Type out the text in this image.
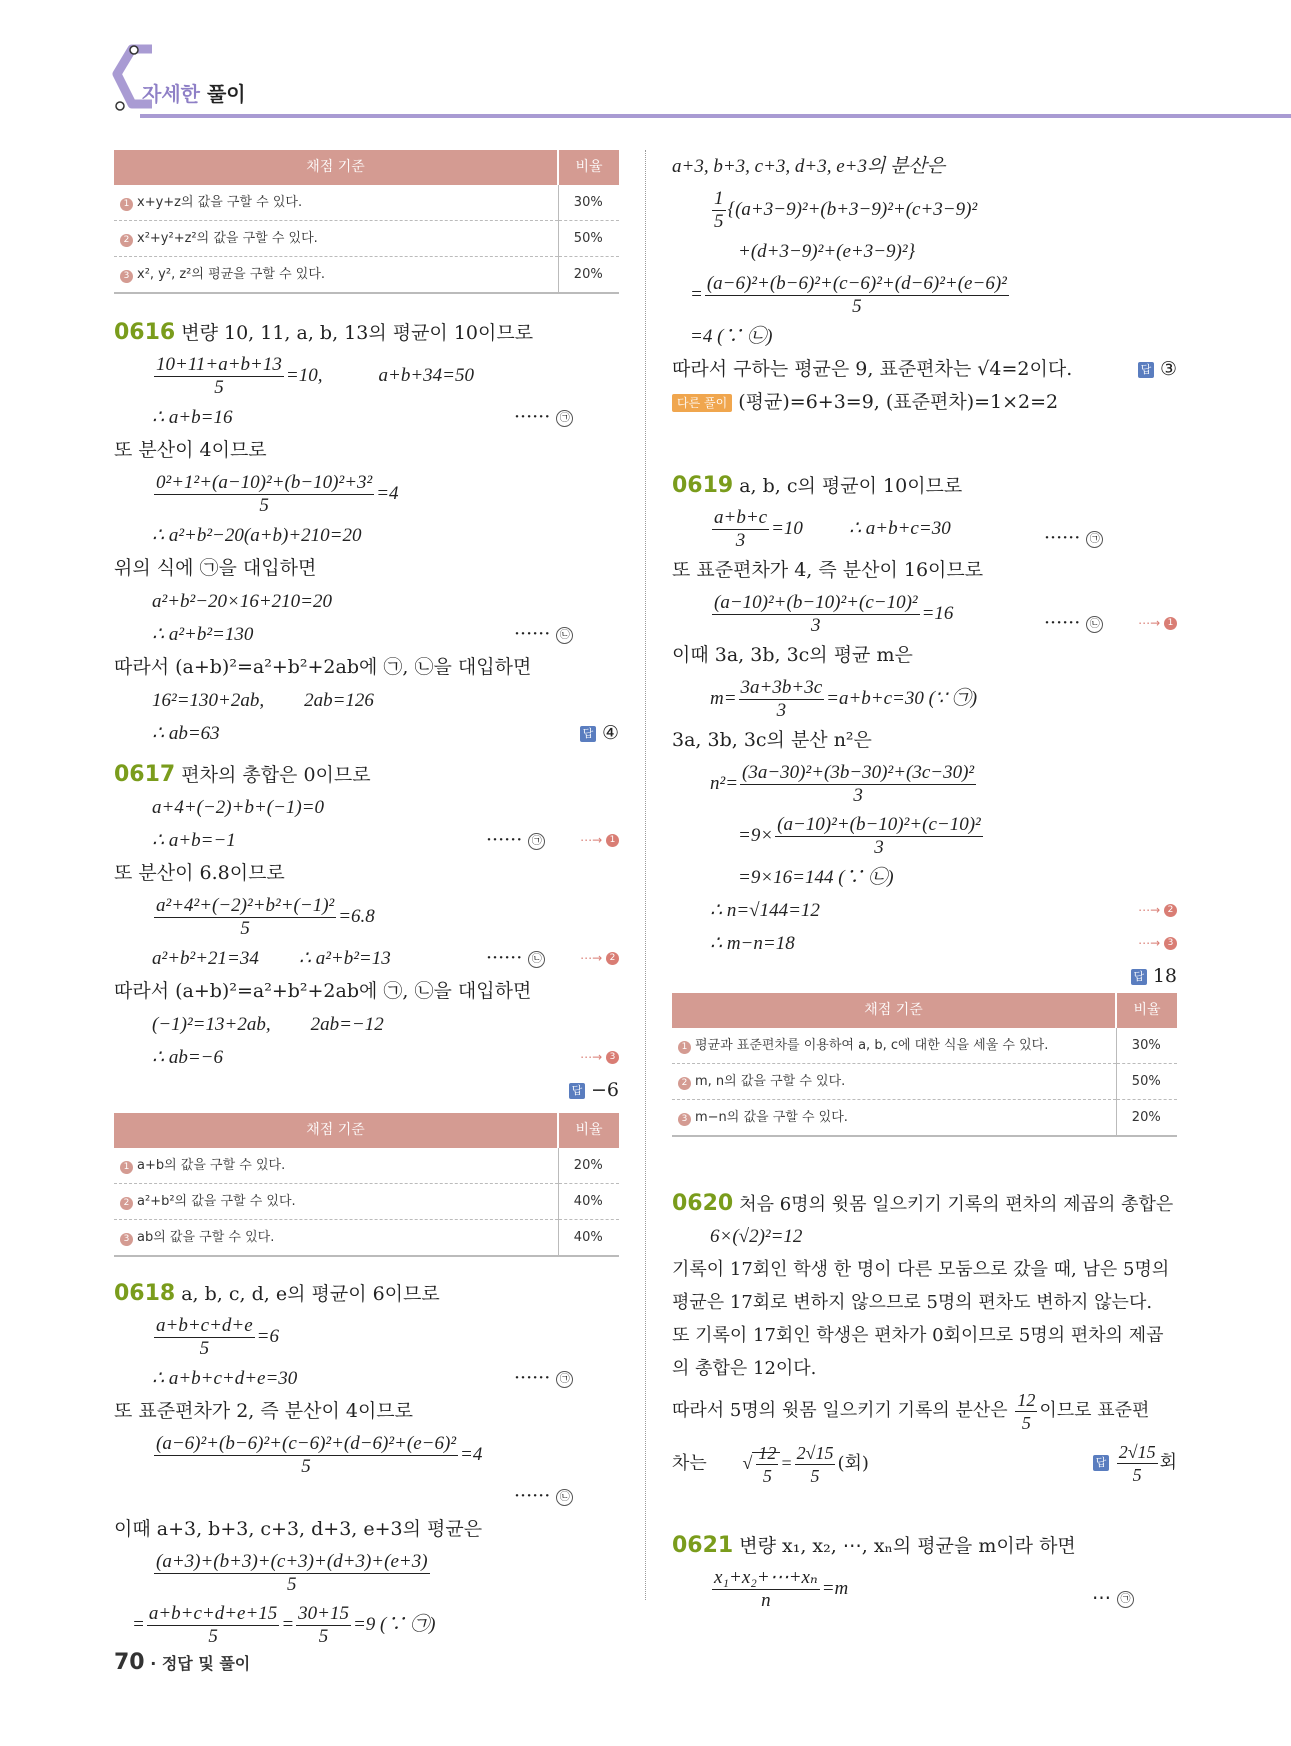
자세한 풀이
채점 기준	비율
1 x+y+z의 값을 구할 수 있다.	30%
2 x²+y²+z²의 값을 구할 수 있다.	50%
3 x², y², z²의 평균을 구할 수 있다.	20%
0616 변량 10, 11, a, b, 13의 평균이 10이므로
$\frac{10+11+a+b+13}{5} =10$,	a+b+34=50
∴ a+b=16	······ ㉠
또 분산이 4이므로
$\frac{\text{0²+1²+(a−10)²+(b−10)²+3²}}{5} =4$
∴ a²+b²−20(a+b)+210=20
위의 식에 ㉠을 대입하면
a²+b²−20×16+210=20
∴ a²+b²=130	······ ㉡
따라서 (a+b)²=a²+b²+2ab에 ㉠, ㉡을 대입하면
16²=130+2ab, 2ab=126
∴ ab=63	답 ④
0617 편차의 총합은 0이므로
a+4+(−2)+b+(−1)=0
∴ a+b=−1	······ ㉠	⋯→ 1
또 분산이 6.8이므로
$\frac{\text{a²+4²+(−2)²+b²+(−1)²}}{5} =6.8$
a²+b²+21=34 ∴ a²+b²=13	······ ㉡	⋯→ 2
따라서 (a+b)²=a²+b²+2ab에 ㉠, ㉡을 대입하면
(−1)²=13+2ab, 2ab=−12
∴ ab=−6	⋯→ 3
답 −6
채점 기준	비율
1 a+b의 값을 구할 수 있다.	20%
2 a²+b²의 값을 구할 수 있다.	40%
3 ab의 값을 구할 수 있다.	40%
0618 a, b, c, d, e의 평균이 6이므로
$\frac{a+b+c+d+e}{5} =6$
∴ a+b+c+d+e=30	······ ㉠
또 표준편차가 2, 즉 분산이 4이므로
$\frac{\text{(a−6)²+(b−6)²+(c−6)²+(d−6)²+(e−6)²}}{5} =4$
······ ㉡
이때 a+3, b+3, c+3, d+3, e+3의 평균은
$\frac{(a+3)+(b+3)+(c+3)+(d+3)+(e+3)}{5}$
= $\frac{a+b+c+d+e+15}{5} = \frac{30+15}{5} =9$ (∵ ㉠)
a+3, b+3, c+3, d+3, e+3의 분산은
$\frac{1}{5} \{(a+3-9)^2+(b+3-9)^2+(c+3-9)^2$
+(d+3−9)²+(e+3−9)²}
= $\frac{\text{(a−6)²+(b−6)²+(c−6)²+(d−6)²+(e−6)²}}{5}$
=4 (∵ ㉡)
따라서 구하는 평균은 9, 표준편차는 √4=2이다.	답 ③
다른 풀이 (평균)=6+3=9, (표준편차)=1×2=2
0619 a, b, c의 평균이 10이므로
$\frac{a+b+c}{3} =10$ ∴ a+b+c=30	······ ㉠
또 표준편차가 4, 즉 분산이 16이므로
$\frac{\text{(a−10)²+(b−10)²+(c−10)²}}{3} =16$	······ ㉡	⋯→ 1
이때 3a, 3b, 3c의 평균 m은
$m= \frac{3a+3b+3c}{3} =a+b+c=30$ (∵ ㉠)
3a, 3b, 3c의 분산 n²은
$n^2= \frac{\text{(3a−30)²+(3b−30)²+(3c−30)²}}{3}$
$=9\times \frac{\text{(a−10)²+(b−10)²+(c−10)²}}{3}$
=9×16=144 (∵ ㉡)
∴ n=√144=12	⋯→ 2
∴ m−n=18	⋯→ 3
답 18
채점 기준	비율
1 평균과 표준편차를 이용하여 a, b, c에 대한 식을 세울 수 있다.	30%
2 m, n의 값을 구할 수 있다.	50%
3 m−n의 값을 구할 수 있다.	20%
0620 처음 6명의 윗몸 일으키기 기록의 편차의 제곱의 총합은
6×(√2)²=12
기록이 17회인 학생 한 명이 다른 모둠으로 갔을 때, 남은 5명의
평균은 17회로 변하지 않으므로 5명의 편차도 변하지 않는다.
또 기록이 17회인 학생은 편차가 0회이므로 5명의 편차의 제곱
의 총합은 12이다.
따라서 5명의 윗몸 일으키기 기록의 분산은 $\frac{12}{5}$ 이므로 표준편
차는 √ $\frac{12}{5} = \frac{2√15}{5}$ (회)	답 $\frac{2√15}{5}$ 회
0621 변량 x₁, x₂, ⋯, xₙ의 평균을 m이라 하면
$\frac{\text{x₁+x₂+⋯+xₙ}}{n} =m$	⋯ ㉠
70 · 정답 및 풀이
